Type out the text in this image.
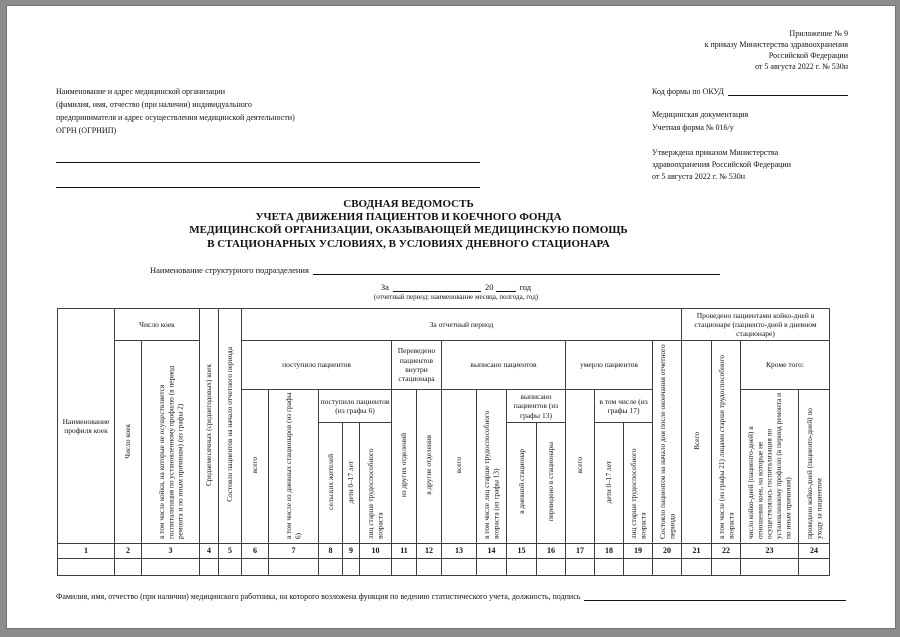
Наименование и адрес медицинской организации
(фамилия, имя, отчество (при наличии) индивидуального
предпринимателя и адрес осуществления медицинской деятельности)
ОГРН (ОГРНИП)
Приложение № 9
к приказу Министерства здравоохранения
Российской Федерации
от 5 августа 2022 г. № 530н
Код формы по ОКУД
Медицинская документация
Учетная форма № 016/у
Утверждена приказом Министерства
здравоохранения Российской Федерации
от 5 августа 2022 г. № 530н
СВОДНАЯ ВЕДОМОСТЬ
УЧЕТА ДВИЖЕНИЯ ПАЦИЕНТОВ И КОЕЧНОГО ФОНДА
МЕДИЦИНСКОЙ ОРГАНИЗАЦИИ, ОКАЗЫВАЮЩЕЙ МЕДИЦИНСКУЮ ПОМОЩЬ
В СТАЦИОНАРНЫХ УСЛОВИЯХ, В УСЛОВИЯХ ДНЕВНОГО СТАЦИОНАРА
Наименование структурного подразделения
За	20	год
(отчетный период: наименование месяца, полгода, год)
Наименование профиля коек	Число коек		Среднемесячных (среднегодовых) коек	Состояло пациентов на начало отчетного периода	За отчетный период															Проведено пациентами койко-дней в стационаре (пациенто-дней в дневном стационаре)			
	Число коек	в том числе койки, на которые не осуществляется госпитализация по установленному профилю (в период ремонта и по иным причинам) (из графы 2)			поступило пациентов					Переведено пациентов внутри стационара		выписано пациентов				умерло пациентов			Состояло пациентов на начало дня после окончания отчетного периода	Всего	в том числе (из графы 21) лицами старше трудоспособного возраста	Кроме того:	
					всего	в том числе из дневных стационаров (из графы 6)	поступило пациентов (из графы 6)			из других отделений	в другие отделения	всего	в том числе лиц старше трудоспособного возраста (из графы 13)	выписано пациентов (из графы 13)		всего	в том числе (из графы 17)					число койко-дней (пациенто-дней) в отношении коек, на которые не осуществлялась госпитализация по установленному профилю (в период ремонта и по иным причинам)	проведено койко-дней (пациенто-дней) по уходу за пациентом
							сельских жителей	дети 0–17 лет	лиц старше трудоспособного возраста					в дневной стационар	переведено в стационары		дети 0–17 лет	лиц старше трудоспособного возраста					
1	2	3	4	5	6	7	8	9	10	11	12	13	14	15	16	17	18	19	20	21	22	23	24

Фамилия, имя, отчество (при наличии) медицинского работника, на которого возложена функция по ведению статистического учета, должность, подпись
